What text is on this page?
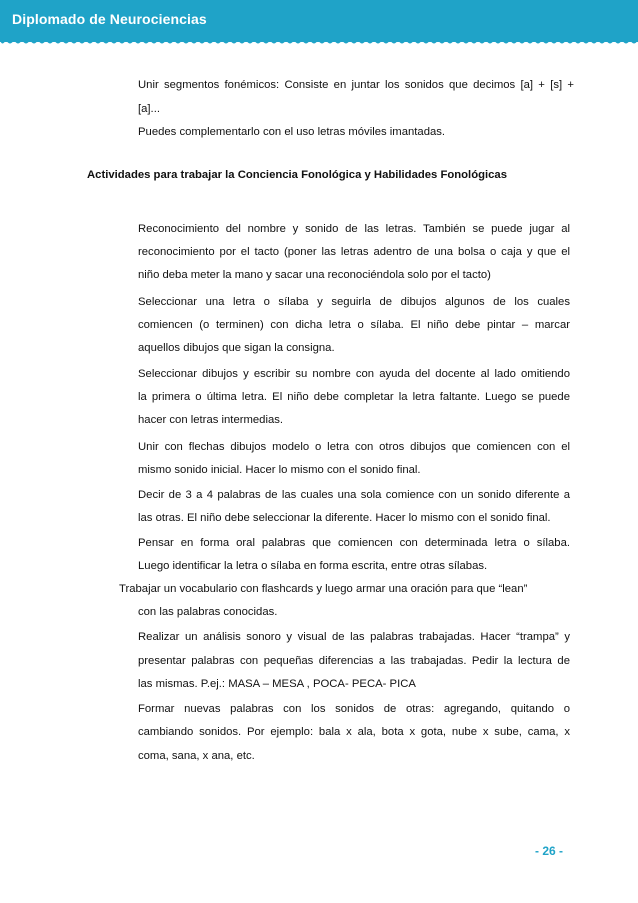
Diplomado de Neurociencias
Unir segmentos fonémicos: Consiste en juntar los sonidos que decimos [a] + [s] +
[a]...
Puedes complementarlo con el uso letras móviles imantadas.
Actividades para trabajar la Conciencia Fonológica y Habilidades Fonológicas
Reconocimiento del nombre y sonido de las letras. También se puede jugar al
reconocimiento por el tacto (poner las letras adentro de una bolsa o caja y que el
niño deba meter la mano y sacar una reconociéndola solo por el tacto)
Seleccionar una letra o sílaba y seguirla de dibujos algunos de los cuales
comiencen (o terminen) con dicha letra o sílaba. El niño debe pintar – marcar
aquellos dibujos que sigan la consigna.
Seleccionar dibujos y escribir su nombre con ayuda del docente al lado omitiendo
la primera o última letra. El niño debe completar la letra faltante. Luego se puede
hacer con letras intermedias.
Unir con flechas dibujos modelo o letra con otros dibujos que comiencen con el
mismo sonido inicial. Hacer lo mismo con el sonido final.
Decir de 3 a 4 palabras de las cuales una sola comience con un sonido diferente a
las otras. El niño debe seleccionar la diferente. Hacer lo mismo con el sonido final.
Pensar en forma oral palabras que comiencen con determinada letra o sílaba.
Luego identificar la letra o sílaba en forma escrita, entre otras sílabas.
Trabajar un vocabulario con flashcards y luego armar una oración para que “lean”
con las palabras conocidas.
Realizar un análisis sonoro y visual de las palabras trabajadas. Hacer “trampa” y
presentar palabras con pequeñas diferencias a las trabajadas. Pedir la lectura de
las mismas. P.ej.: MASA – MESA , POCA- PECA- PICA
Formar nuevas palabras con los sonidos de otras: agregando, quitando o
cambiando sonidos. Por ejemplo: bala x ala, bota x gota, nube x sube, cama, x
coma, sana, x ana, etc.
- 26 -
